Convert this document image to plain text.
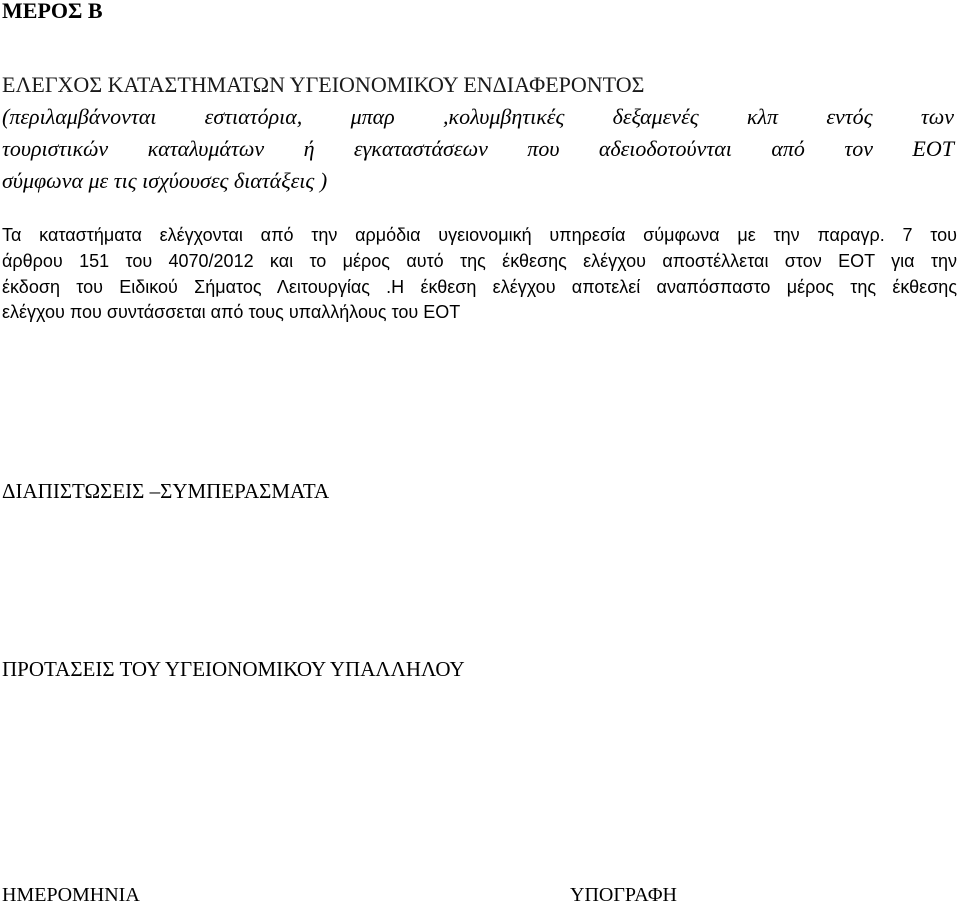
ΜΕΡΟΣ Β
ΕΛΕΓΧΟΣ ΚΑΤΑΣΤΗΜΑΤΩΝ ΥΓΕΙΟΝΟΜΙΚΟΥ ΕΝΔΙΑΦΕΡΟΝΤΟΣ
(περιλαμβάνονται εστιατόρια, μπαρ ,κολυμβητικές δεξαμενές κλπ εντός των
τουριστικών καταλυμάτων ή εγκαταστάσεων που αδειοδοτούνται από τον ΕΟΤ
σύμφωνα με τις ισχύουσες διατάξεις )
Τα καταστήματα ελέγχονται από την αρμόδια υγειονομική υπηρεσία σύμφωνα με την παραγρ. 7 του
άρθρου 151 του 4070/2012 και το μέρος αυτό της έκθεσης ελέγχου αποστέλλεται στον ΕΟΤ για την
έκδοση του Ειδικού Σήματος Λειτουργίας .Η έκθεση ελέγχου αποτελεί αναπόσπαστο μέρος της έκθεσης
ελέγχου που συντάσσεται από τους υπαλλήλους του ΕΟΤ
ΔΙΑΠΙΣΤΩΣΕΙΣ –ΣΥΜΠΕΡΑΣΜΑΤΑ
ΠΡΟΤΑΣΕΙΣ ΤΟΥ ΥΓΕΙΟΝΟΜΙΚΟΥ ΥΠΑΛΛΗΛΟΥ
ΗΜΕΡΟΜΗΝΙΑ	ΥΠΟΓΡΑΦΗ
